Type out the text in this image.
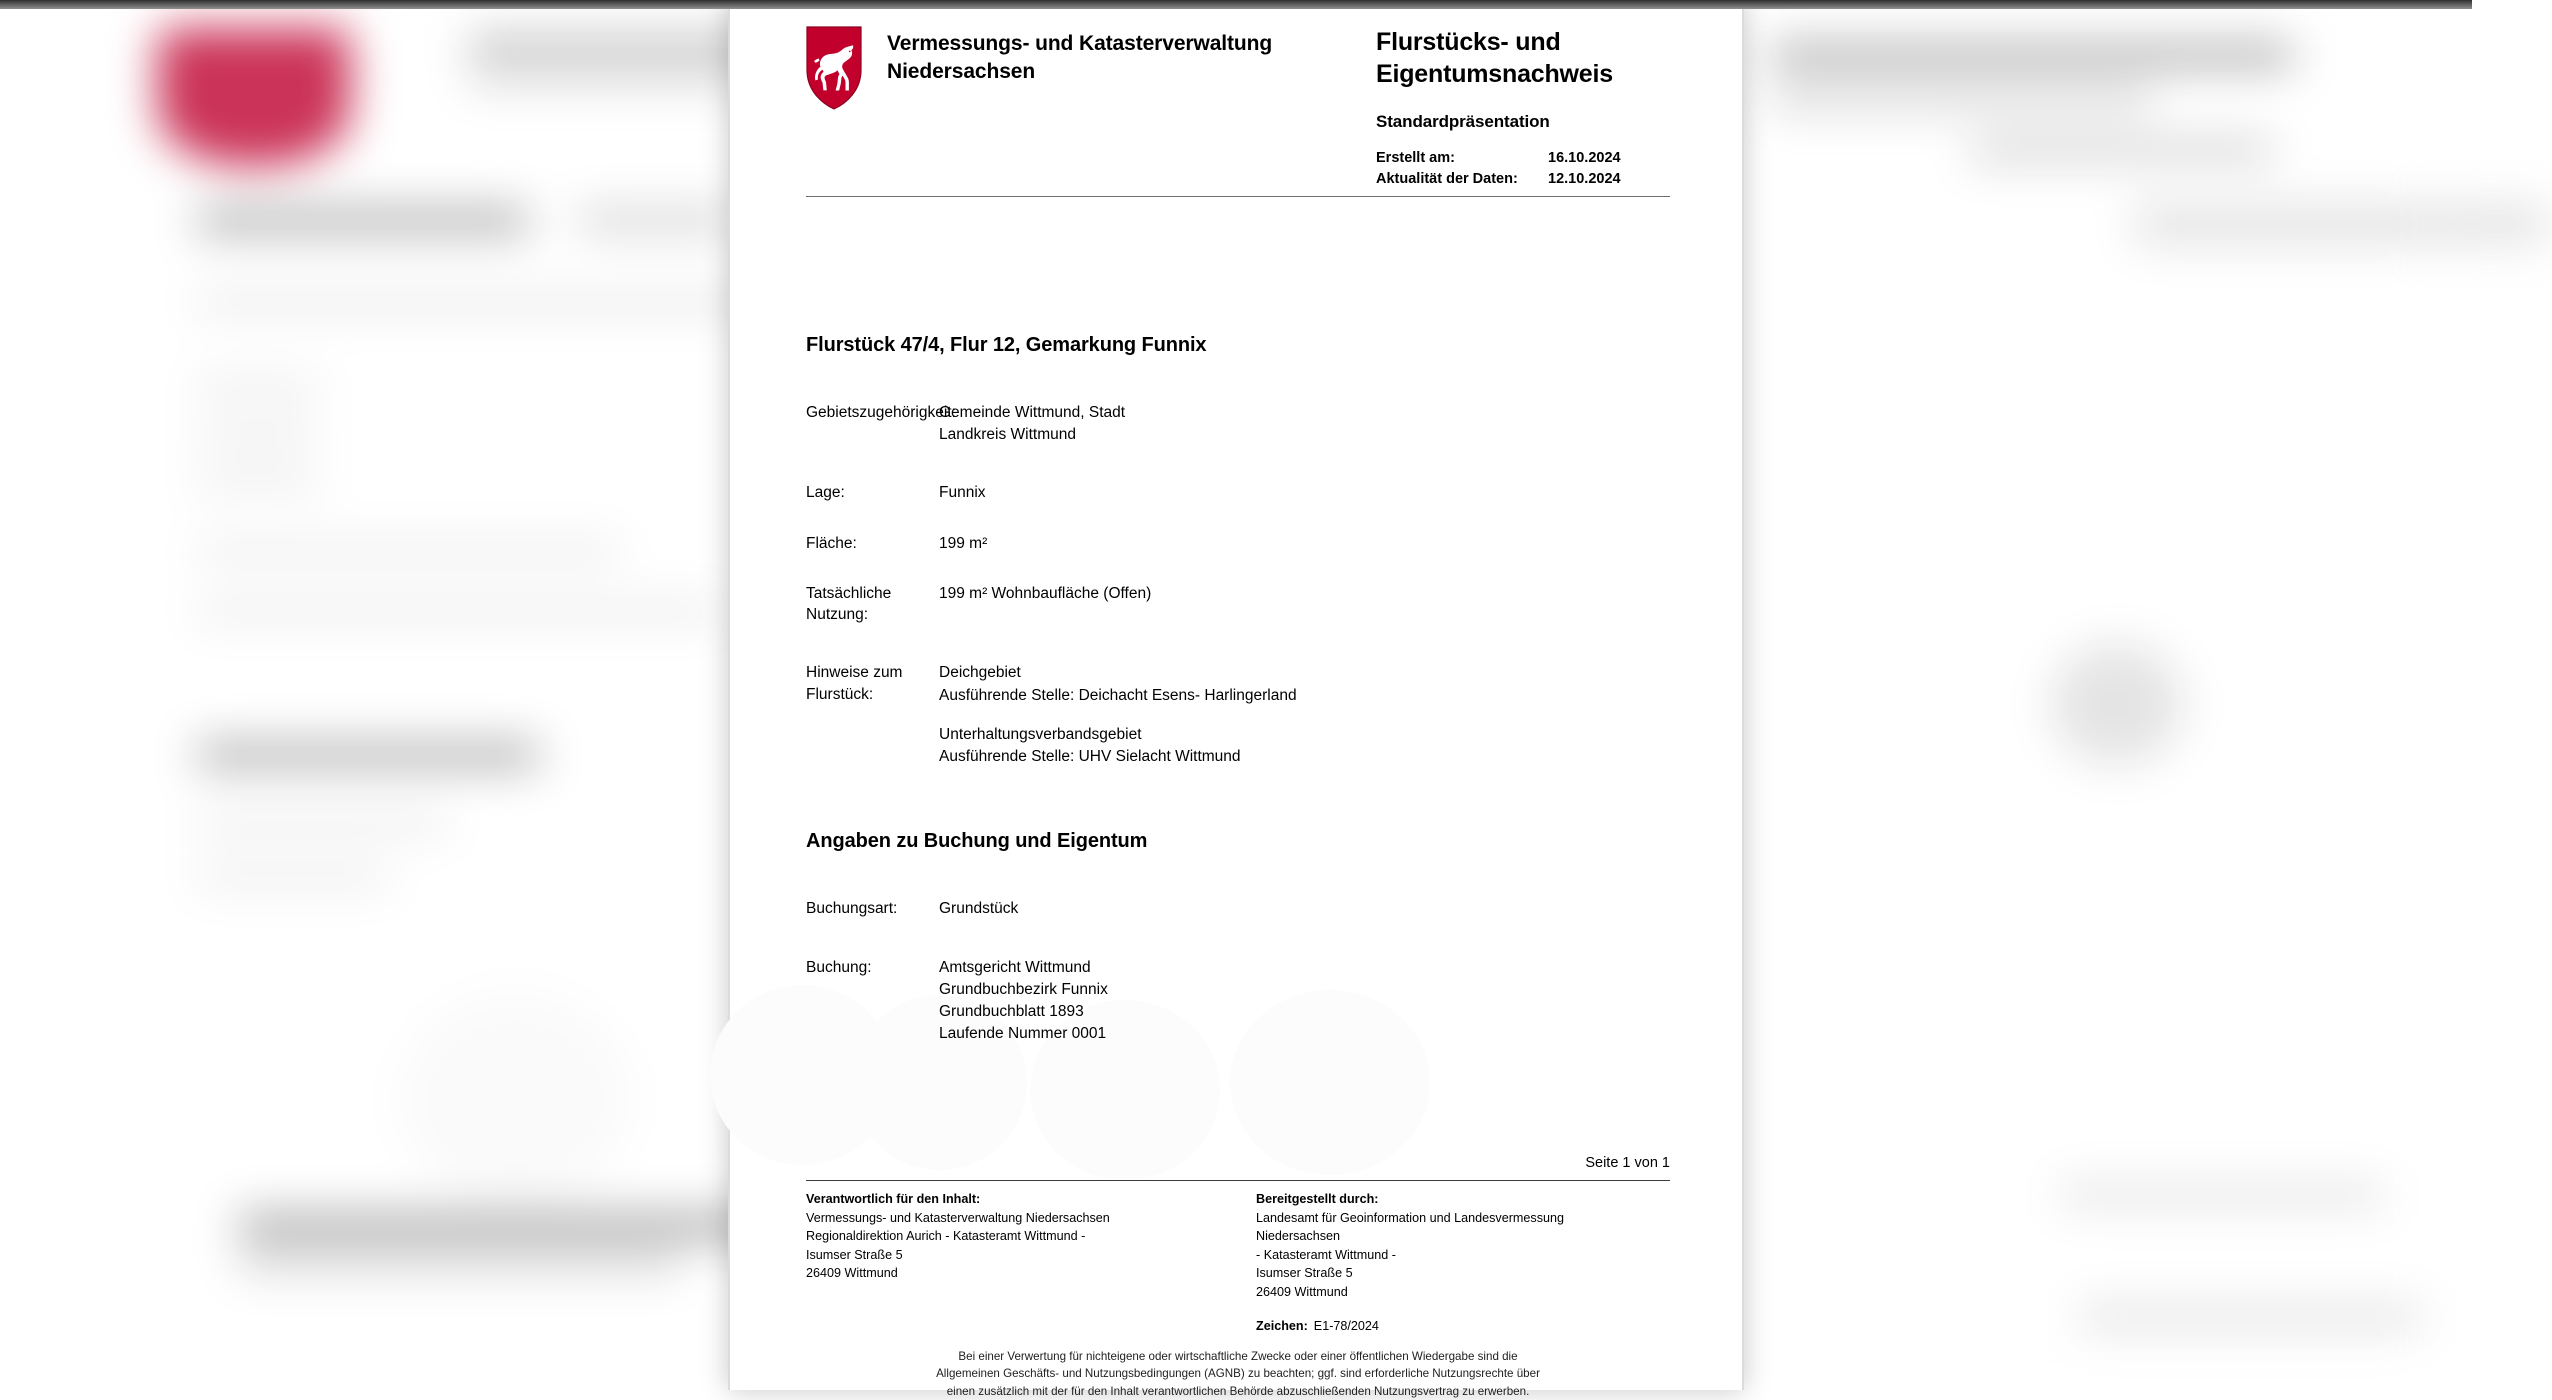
Vermessungs- und Katasterverwaltung Niedersachsen
Flurstücks- und Eigentumsnachweis
Standardpräsentation
Erstellt am:	16.10.2024
Aktualität der Daten:	12.10.2024
Flurstück 47/4, Flur 12, Gemarkung Funnix
Gebietszugehörigkeit:
Gemeinde Wittmund, Stadt
Landkreis Wittmund
Lage:	Funnix
Fläche:	199 m²
Tatsächliche Nutzung:
199 m² Wohnbaufläche (Offen)
Hinweise zum Flurstück:
Deichgebiet
Ausführende Stelle: Deichacht Esens- Harlingerland
Unterhaltungsverbandsgebiet
Ausführende Stelle: UHV Sielacht Wittmund
Angaben zu Buchung und Eigentum
Buchungsart:	Grundstück
Buchung:	Amtsgericht Wittmund
Grundbuchbezirk Funnix
Grundbuchblatt 1893
Laufende Nummer 0001
Seite 1 von 1
Verantwortlich für den Inhalt:
Vermessungs- und Katasterverwaltung Niedersachsen
Regionaldirektion Aurich - Katasteramt Wittmund -
Isumser Straße 5
26409 Wittmund
Bereitgestellt durch:
Landesamt für Geoinformation und Landesvermessung
Niedersachsen
- Katasteramt Wittmund -
Isumser Straße 5
26409 Wittmund
Zeichen: E1-78/2024
Bei einer Verwertung für nichteigene oder wirtschaftliche Zwecke oder einer öffentlichen Wiedergabe sind die
Allgemeinen Geschäfts- und Nutzungsbedingungen (AGNB) zu beachten; ggf. sind erforderliche Nutzungsrechte über
einen zusätzlich mit der für den Inhalt verantwortlichen Behörde abzuschließenden Nutzungsvertrag zu erwerben.
